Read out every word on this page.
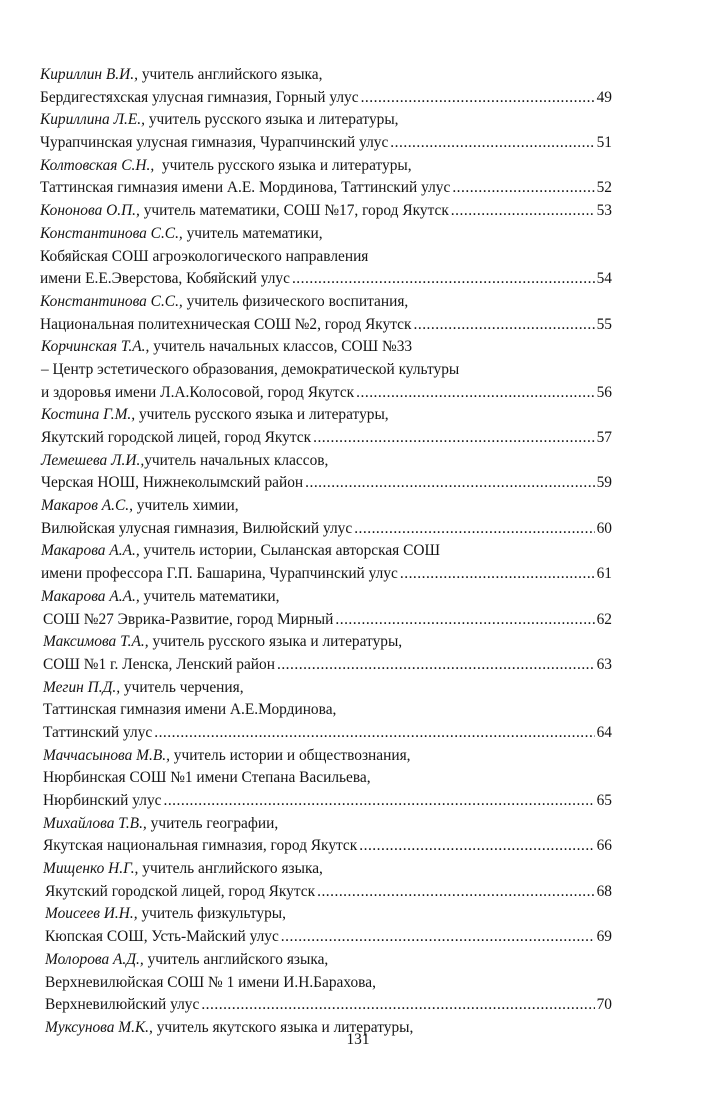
Кириллин В.И., учитель английского языка,
Бердигестяхская улусная гимназия, Горный улус .....	49
Кириллина Л.Е., учитель русского языка и литературы,
Чурапчинская улусная гимназия, Чурапчинский улус .....	51
Колтовская С.Н., учитель русского языка и литературы,
Таттинская гимназия имени А.Е. Мординова, Таттинский улус .....	52
Кононова О.П., учитель математики, СОШ №17, город Якутск .....	53
Константинова С.С., учитель математики,
Кобяйская СОШ агроэкологического направления
имени Е.Е.Эверстова, Кобяйский улус .....	54
Константинова С.С., учитель физического воспитания,
Национальная политехническая СОШ №2, город Якутск .....	55
Корчинская Т.А., учитель начальных классов, СОШ №33
– Центр эстетического образования, демократической культуры
и здоровья имени Л.А.Колосовой, город Якутск .....	56
Костина Г.М., учитель русского языка и литературы,
Якутский городской лицей, город Якутск .....	57
Лемешева Л.И., учитель начальных классов,
Черская НОШ, Нижнеколымский район .....	59
Макаров А.С., учитель химии,
Вилюйская улусная гимназия, Вилюйский улус .....	60
Макарова А.А., учитель истории, Сыланская авторская СОШ
имени профессора Г.П. Башарина, Чурапчинский улус .....	61
Макарова А.А., учитель математики,
СОШ №27 Эврика-Развитие, город Мирный .....	62
Максимова Т.А., учитель русского языка и литературы,
СОШ №1 г. Ленска, Ленский район .....	63
Мегин П.Д., учитель черчения,
Таттинская гимназия имени А.Е.Мординова,
Таттинский улус .....	64
Маччасынова М.В., учитель истории и обществознания,
Нюрбинская СОШ №1 имени Степана Васильева,
Нюрбинский улус .....	65
Михайлова Т.В., учитель географии,
Якутская национальная гимназия, город Якутск .....	66
Мищенко Н.Г., учитель английского языка,
Якутский городской лицей, город Якутск .....	68
Моисеев И.Н., учитель физкультуры,
Кюпская СОШ, Усть-Майский улус .....	69
Молорова А.Д., учитель английского языка,
Верхневилюйская СОШ № 1 имени И.Н.Барахова,
Верхневилюйский улус .....	70
Муксунова М.К., учитель якутского языка и литературы,
131
